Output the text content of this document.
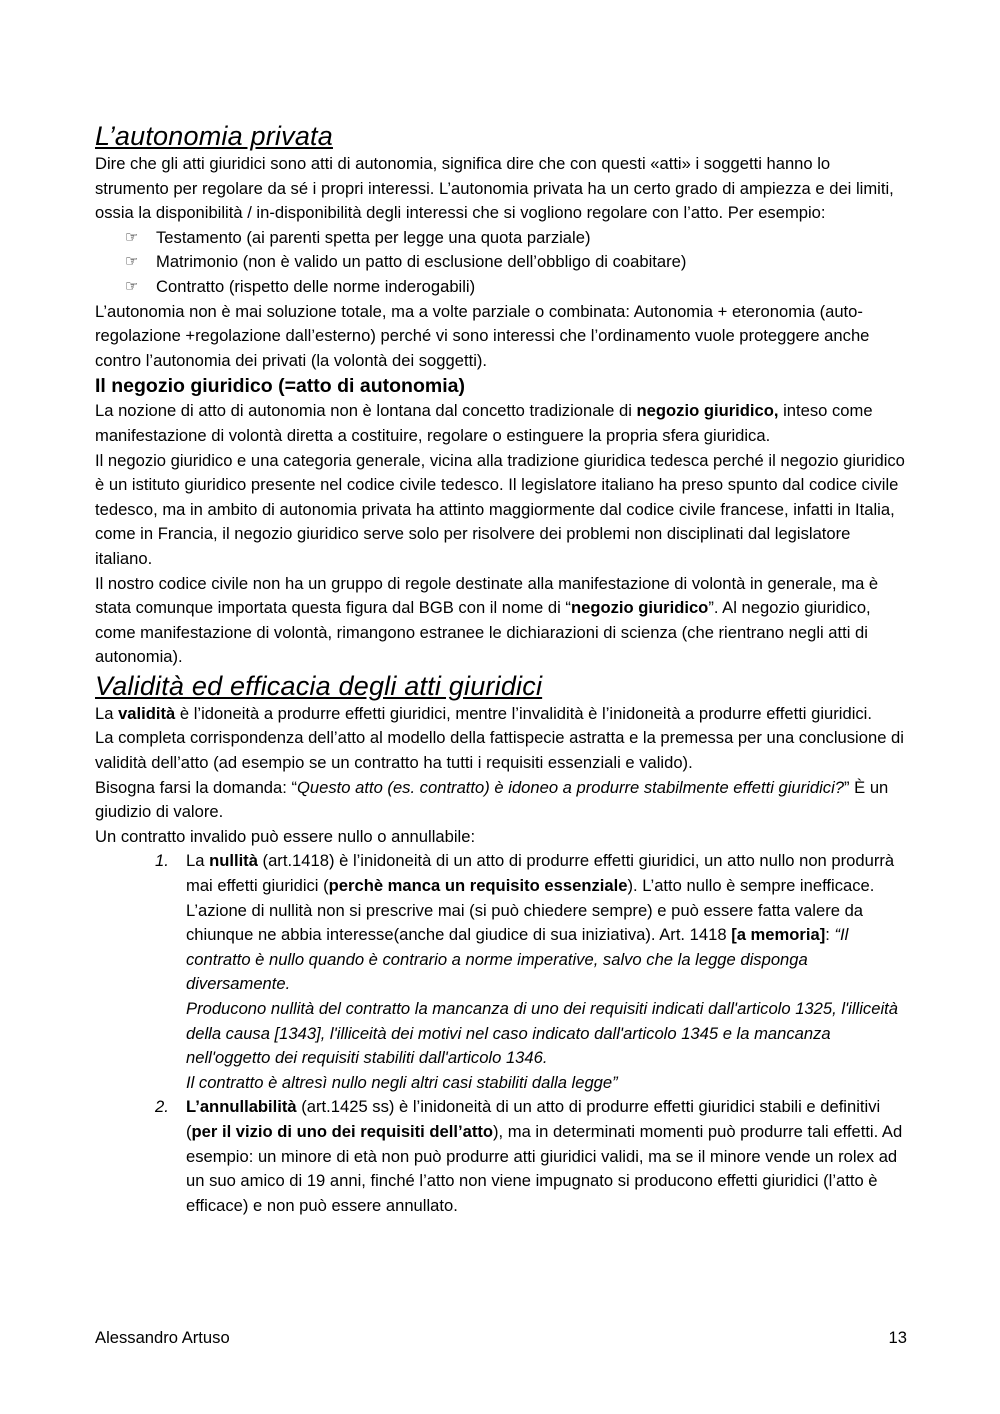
L’autonomia privata

Dire che gli atti giuridici sono atti di autonomia, significa dire che con questi «atti» i soggetti hanno lo strumento per regolare da sé i propri interessi. L’autonomia privata ha un certo grado di ampiezza e dei limiti, ossia la disponibilità / in-disponibilità degli interessi che si vogliono regolare con l’atto. Per esempio:

☞	Testamento (ai parenti spetta per legge una quota parziale)
☞	Matrimonio (non è valido un patto di esclusione dell’obbligo di coabitare)
☞	Contratto (rispetto delle norme inderogabili)

L’autonomia non è mai soluzione totale, ma a volte parziale o combinata: Autonomia + eteronomia (auto-regolazione +regolazione dall’esterno) perché vi sono interessi che l’ordinamento vuole proteggere anche contro l’autonomia dei privati (la volontà dei soggetti).

Il negozio giuridico (=atto di autonomia)

La nozione di atto di autonomia non è lontana dal concetto tradizionale di negozio giuridico, inteso come manifestazione di volontà diretta a costituire, regolare o estinguere la propria sfera giuridica.

Il negozio giuridico e una categoria generale, vicina alla tradizione giuridica tedesca perché il negozio giuridico è un istituto giuridico presente nel codice civile tedesco. Il legislatore italiano ha preso spunto dal codice civile tedesco, ma in ambito di autonomia privata ha attinto maggiormente dal codice civile francese, infatti in Italia, come in Francia, il negozio giuridico serve solo per risolvere dei problemi non disciplinati dal legislatore italiano.

Il nostro codice civile non ha un gruppo di regole destinate alla manifestazione di volontà in generale, ma è stata comunque importata questa figura dal BGB con il nome di “negozio giuridico”. Al negozio giuridico, come manifestazione di volontà, rimangono estranee le dichiarazioni di scienza (che rientrano negli atti di autonomia).

Validità ed efficacia degli atti giuridici

La validità è l’idoneità a produrre effetti giuridici, mentre l’invalidità è l’inidoneità a produrre effetti giuridici.

La completa corrispondenza dell’atto al modello della fattispecie astratta e la premessa per una conclusione di validità dell’atto (ad esempio se un contratto ha tutti i requisiti essenziali e valido).

Bisogna farsi la domanda: “Questo atto (es. contratto) è idoneo a produrre stabilmente effetti giuridici?” È un giudizio di valore.

Un contratto invalido può essere nullo o annullabile:

1.	La nullità (art.1418) è l’inidoneità di un atto di produrre effetti giuridici, un atto nullo non produrrà mai effetti giuridici (perchè manca un requisito essenziale). L’atto nullo è sempre inefficace. L’azione di nullità non si prescrive mai (si può chiedere sempre) e può essere fatta valere da chiunque ne abbia interesse(anche dal giudice di sua iniziativa). Art. 1418 [a memoria]: “Il contratto è nullo quando è contrario a norme imperative, salvo che la legge disponga diversamente.
Producono nullità del contratto la mancanza di uno dei requisiti indicati dall'articolo 1325, l'illiceità della causa [1343], l'illiceità dei motivi nel caso indicato dall'articolo 1345 e la mancanza nell'oggetto dei requisiti stabiliti dall'articolo 1346.
Il contratto è altresì nullo negli altri casi stabiliti dalla legge”
2.	L’annullabilità (art.1425 ss) è l’inidoneità di un atto di produrre effetti giuridici stabili e definitivi (per il vizio di uno dei requisiti dell’atto), ma in determinati momenti può produrre tali effetti. Ad esempio: un minore di età non può produrre atti giuridici validi, ma se il minore vende un rolex ad un suo amico di 19 anni, finché l’atto non viene impugnato si producono effetti giuridici (l’atto è efficace) e non può essere annullato.
Alessandro Artuso	13
